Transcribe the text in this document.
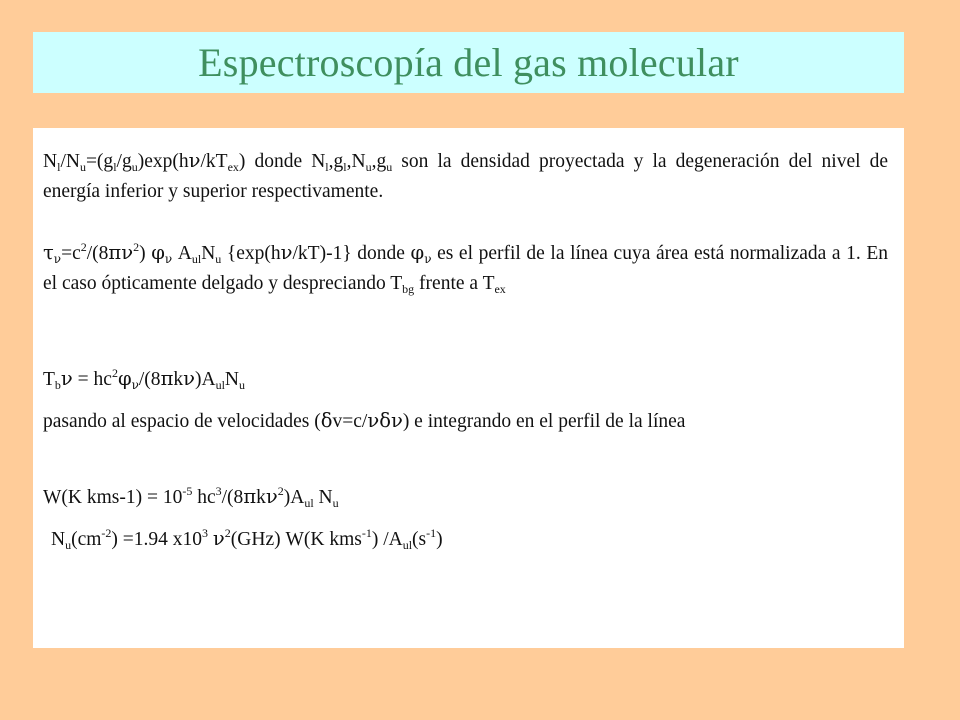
Espectroscopía del gas molecular
$N_l/N_u=(g_l/g_u)\exp(h\nu/kT_{ex})$ donde $N_l,g_l,N_u,g_u$ son la densidad proyectada y la degeneración del nivel de energía inferior y superior respectivamente.
$\tau_\nu=c^2/(8\pi\nu^2)$ $\varphi_\nu$ $A_{ul}N_u$ {exp(hν/kT)-1} donde $\varphi_\nu$ es el perfil de la línea cuya área está normalizada a 1. En el caso ópticamente delgado y despreciando $T_{bg}$ frente a $T_{ex}$
$T_b\nu = hc^2\varphi_\nu/(8\pi k\nu)A_{ul}N_u$
pasando al espacio de velocidades (δv=c/νδν) e integrando en el perfil de la línea
W(K $kms-1) = 10^{-5}$ $hc^3/(8\pi k\nu^2)A_{ul}$ $N_u$
$N_u(cm^{-2}) =1.94$ $x10^3$ $\nu^2(GHz)$ W(K kms$^{-1}$) $/A_{ul}(s^{-1})$
